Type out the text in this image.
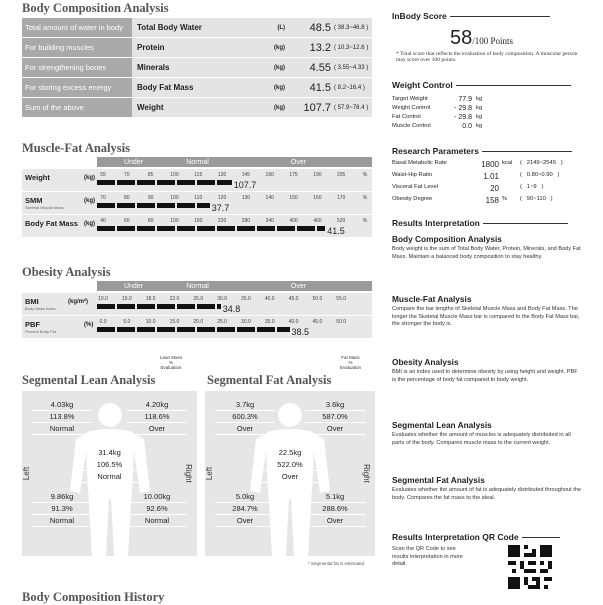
Body Composition Analysis
Total amount of water in body	Total Body Water	(L)	48.5 ( 38.3~46.8 )
For building muscles	Protein	(kg)	13.2 ( 10.3~12.6 )
For strengthening bones	Minerals	(kg)	4.55 ( 3.55~4.33 )
For storing excess energy	Body Fat Mass	(kg)	41.5 ( 8.2~16.4 )
Sum of the above	Weight	(kg)	107.7 ( 57.9~78.4 )
Muscle-Fat Analysis
Under	Normal	Over
Weight	(kg) 55	70	85	100	115	130	145	160	175	190	205	%
107.7
SMM
Skeletal Muscle Mass
(kg) 70	80	90	100	110	120	130	140	150	160	170	%
37.7
Body Fat Mass (kg) 40	60	80	100	160	220	280	340	400	460	520	%
41.5
Obesity Analysis
Under	Normal	Over
BMI
Body Mass Index
(kg/m²) 10.0	15.0	18.5	22.0	25.0	30.0	35.0	40.0	45.0	50.0	55.0
34.8
PBF
Percent Body Fat
(%) 0.0	5.0	10.0	15.0	20.0	25.0	30.0	35.0	40.0	45.0	50.0
38.5
Lean Mass
%
Evaluation
Fat Mass
%
Evaluation
Segmental Lean Analysis	Segmental Fat Analysis
4.03kg
113.8%
Normal
4.20kg
118.6%
Over
31.4kg
106.5%
Normal
9.86kg
91.3%
Normal
10.00kg
92.6%
Normal
Left	Right
3.7kg
600.3%
Over
3.6kg
587.0%
Over
22.5kg
522.0%
Over
5.0kg
284.7%
Over
5.1kg
288.6%
Over
Left	Right
* Segmental fat is estimated.
Body Composition History
InBody Score
58/100 Points
* Total score that reflects the evaluation of body composition. A muscular person may score over 100 points.
Weight Control
Target Weight	77.9 kg
Weight Control	- 29.8 kg
Fat Control	- 29.8 kg
Muscle Control	0.0 kg
Research Parameters
Basal Metabolic Rate	1800 kcal	(   2149~2545   )
Waist-Hip Ratio	1.01	(   0.80~0.90   )
Visceral Fat Level	20	(   1~9   )
Obesity Degree	158 %	(   90~110   )
Results Interpretation
Body Composition Analysis
Body weight is the sum of Total Body Water, Protein, Minerals, and Body Fat Mass. Maintain a balanced body composition to stay healthy.
Muscle-Fat Analysis
Compare the bar lengths of Skeletal Muscle Mass and Body Fat Mass. The longer the Skeletal Muscle Mass bar is compared to the Body Fat Mass bar, the stronger the body is.
Obesity Analysis
BMI is an index used to determine obesity by using height and weight. PBF is the percentage of body fat compared to body weight.
Segmental Lean Analysis
Evaluates whether the amount of muscles is adequately distributed in all parts of the body. Compares muscle mass to the current weight.
Segmental Fat Analysis
Evaluates whether the amount of fat is adequately distributed throughout the body. Compares the fat mass to the ideal.
Results Interpretation QR Code
Scan the QR Code to see results interpretation in more detail.
